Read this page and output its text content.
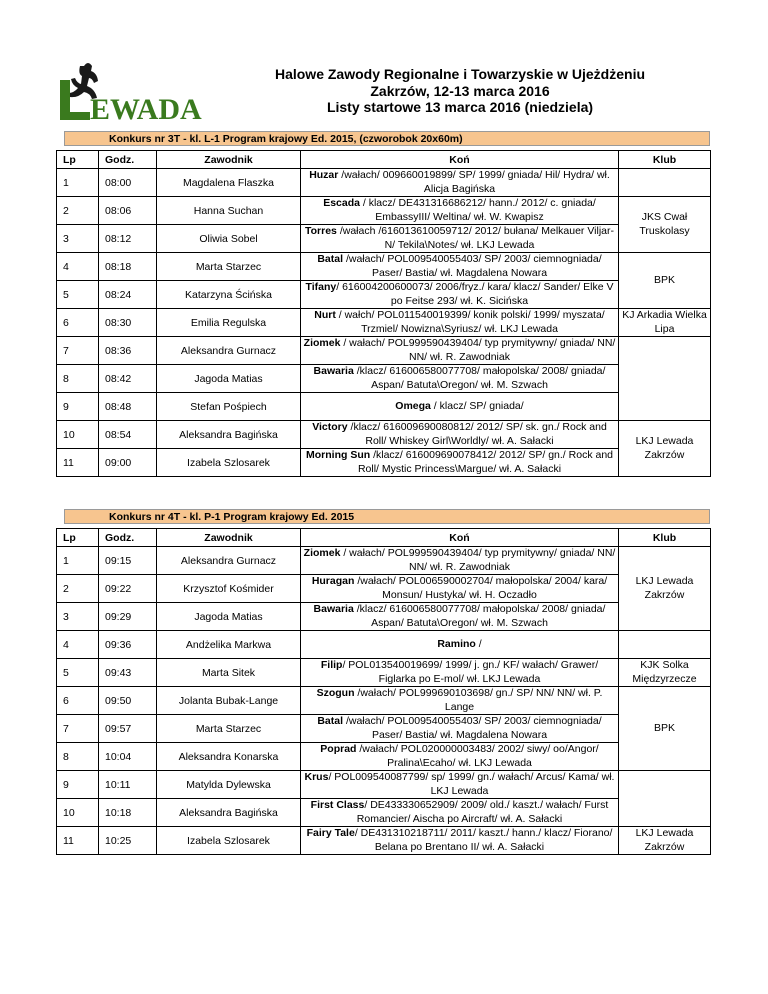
EWADA
Halowe Zawody Regionalne i Towarzyskie w Ujeżdżeniu
Zakrzów, 12-13 marca 2016
Listy startowe 13 marca 2016 (niedziela)
Konkurs nr 3T - kl. L-1 Program krajowy Ed. 2015, (czworobok 20x60m)
Lp	Godz.	Zawodnik	Koń	Klub
1	08:00	Magdalena Flaszka	Huzar /wałach/ 009660019899/ SP/ 1999/ gniada/ Hil/ Hydra/ wł. Alicja Bagińska	
2	08:06	Hanna Suchan	Escada / klacz/ DE431316686212/ hann./ 2012/ c. gniada/ EmbassyIII/ Weltina/ wł. W. Kwapisz	JKS Cwał Truskolasy
3	08:12	Oliwia Sobel	Torres /wałach /616013610059712/ 2012/ bułana/ Melkauer Viljar-N/ Tekila\Notes/ wł. LKJ Lewada	
4	08:18	Marta Starzec	Batal /wałach/ POL009540055403/ SP/ 2003/ ciemnogniada/ Paser/ Bastia/ wł. Magdalena Nowara	BPK
5	08:24	Katarzyna Ścińska	Tifany/ 616004200600073/ 2006/fryz./ kara/ klacz/ Sander/ Elke V po Feitse 293/ wł. K. Sicińska	
6	08:30	Emilia Regulska	Nurt / wałch/ POL011540019399/ konik polski/ 1999/ myszata/ Trzmiel/ Nowizna\Syriusz/ wł. LKJ Lewada	KJ Arkadia Wielka Lipa
7	08:36	Aleksandra Gurnacz	Ziomek / wałach/ POL999590439404/ typ prymitywny/ gniada/ NN/ NN/ wł. R. Zawodniak	
8	08:42	Jagoda Matias	Bawaria /klacz/ 616006580077708/ małopolska/ 2008/ gniada/ Aspan/ Batuta\Oregon/ wł. M. Szwach	
9	08:48	Stefan Pośpiech	Omega / klacz/ SP/ gniada/	
10	08:54	Aleksandra Bagińska	Victory /klacz/ 616009690080812/ 2012/ SP/ sk. gn./ Rock and Roll/ Whiskey Girl\Worldly/ wł. A. Sałacki	LKJ Lewada Zakrzów
11	09:00	Izabela Szlosarek	Morning Sun /klacz/ 616009690078412/ 2012/ SP/ gn./ Rock and Roll/ Mystic Princess\Margue/ wł. A. Sałacki	
Konkurs nr 4T - kl. P-1 Program krajowy Ed. 2015
Lp	Godz.	Zawodnik	Koń	Klub
1	09:15	Aleksandra Gurnacz	Ziomek / wałach/ POL999590439404/ typ prymitywny/ gniada/ NN/ NN/ wł. R. Zawodniak	LKJ Lewada Zakrzów
2	09:22	Krzysztof Kośmider	Huragan /wałach/ POL006590002704/ małopolska/ 2004/ kara/ Monsun/ Hustyka/ wł. H. Oczadło	
3	09:29	Jagoda Matias	Bawaria /klacz/ 616006580077708/ małopolska/ 2008/ gniada/ Aspan/ Batuta\Oregon/ wł. M. Szwach	
4	09:36	Andżelika Markwa	Ramino /	
5	09:43	Marta Sitek	Filip/ POL013540019699/ 1999/ j. gn./ KF/ wałach/ Grawer/ Figlarka po E-mol/ wł. LKJ Lewada	KJK Solka Międzyrzecze
6	09:50	Jolanta Bubak-Lange	Szogun /wałach/ POL999690103698/ gn./ SP/ NN/ NN/ wł. P. Lange	BPK
7	09:57	Marta Starzec	Batal /wałach/ POL009540055403/ SP/ 2003/ ciemnogniada/ Paser/ Bastia/ wł. Magdalena Nowara	
8	10:04	Aleksandra Konarska	Poprad /wałach/ POL020000003483/ 2002/ siwy/ oo/Angor/ Pralina\Ecaho/ wł. LKJ Lewada	
9	10:11	Matylda Dylewska	Krus/ POL009540087799/ sp/ 1999/ gn./ wałach/ Arcus/ Kama/ wł. LKJ Lewada	
10	10:18	Aleksandra Bagińska	First Class/ DE433330652909/ 2009/ old./ kaszt./ wałach/ Furst Romancier/ Aischa po Aircraft/ wł. A. Sałacki	
11	10:25	Izabela Szlosarek	Fairy Tale/ DE431310218711/ 2011/ kaszt./ hann./ klacz/ Fiorano/ Belana po Brentano II/ wł. A. Sałacki	LKJ Lewada Zakrzów
